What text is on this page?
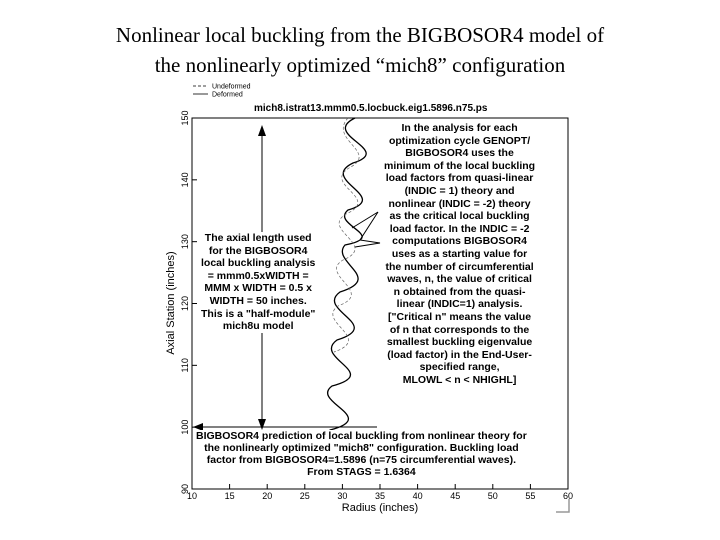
Nonlinear local buckling from the BIGBOSOR4 model of
the nonlinearly optimized “mich8” configuration
Undeformed
Deformed
mich8.istrat13.mmm0.5.locbuck.eig1.5896.n75.ps
10	15	20	25	30	35	40	45	50	55	60
90
100
110
120
130
140
150
Radius (inches)
Axial Station (inches)
The axial length used
for the BIGBOSOR4
local buckling analysis
= mmm0.5xWIDTH =
MMM x WIDTH = 0.5 x
WIDTH = 50 inches.
This is a "half-module"
mich8u model
In the analysis for each
optimization cycle GENOPT/
BIGBOSOR4 uses the
minimum of the local buckling
load factors from quasi-linear
(INDIC = 1) theory and
nonlinear (INDIC = -2) theory
as the critical local buckling
load factor. In the INDIC = -2
computations BIGBOSOR4
uses as a starting value for
the number of circumferential
waves, n, the value of critical
n obtained from the quasi-
linear (INDIC=1) analysis.
["Critical n" means the value
of n that corresponds to the
smallest buckling eigenvalue
(load factor) in the End-User-
specified range,
MLOWL < n < NHIGHL]
BIGBOSOR4 prediction of local buckling from nonlinear theory for
the nonlinearly optimized "mich8" configuration. Buckling load
factor from BIGBOSOR4=1.5896 (n=75 circumferential waves).
From STAGS = 1.6364
